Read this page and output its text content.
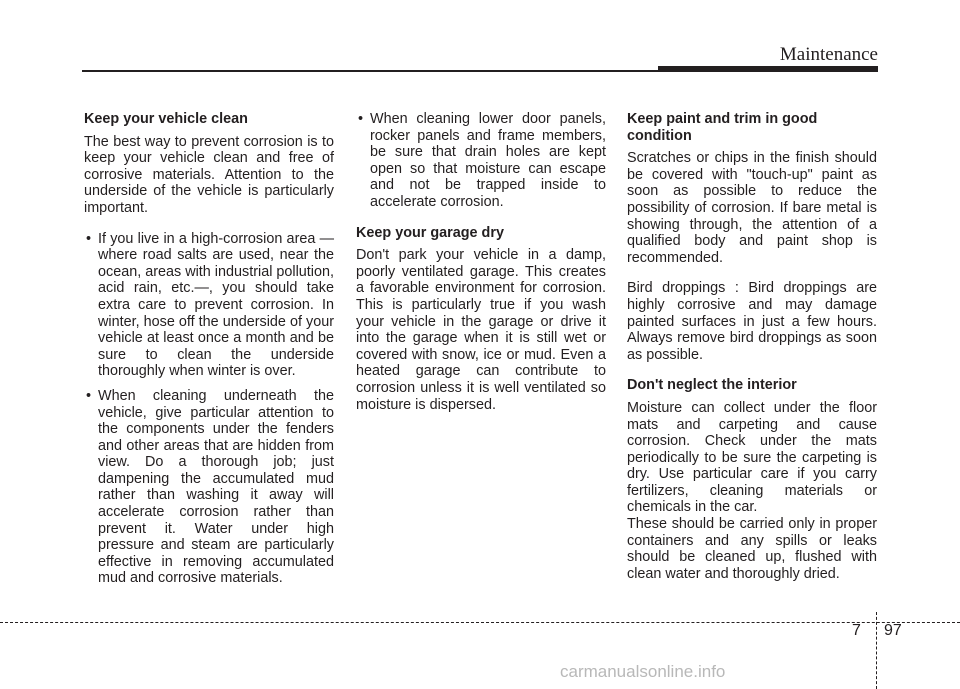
Maintenance
Keep your vehicle clean

The best way to prevent corrosion is to keep your vehicle clean and free of corrosive materials. Attention to the underside of the vehicle is particularly important.

• If you live in a high-corrosion area — where road salts are used, near the ocean, areas with industrial pollution, acid rain, etc.—, you should take extra care to prevent corrosion. In winter, hose off the underside of your vehicle at least once a month and be sure to clean the underside thoroughly when winter is over.
• When cleaning underneath the vehicle, give particular attention to the components under the fenders and other areas that are hidden from view. Do a thorough job; just dampening the accumulated mud rather than washing it away will accelerate corrosion rather than prevent it. Water under high pressure and steam are particularly effective in removing accumulated mud and corrosive materials.
• When cleaning lower door panels, rocker panels and frame members, be sure that drain holes are kept open so that moisture can escape and not be trapped inside to accelerate corrosion.
Keep your garage dry

Don't park your vehicle in a damp, poorly ventilated garage. This creates a favorable environment for corrosion. This is particularly true if you wash your vehicle in the garage or drive it into the garage when it is still wet or covered with snow, ice or mud. Even a heated garage can contribute to corrosion unless it is well ventilated so moisture is dispersed.

Keep paint and trim in good condition

Scratches or chips in the finish should be covered with "touch-up" paint as soon as possible to reduce the possibility of corrosion. If bare metal is showing through, the attention of a qualified body and paint shop is recommended.

Bird droppings : Bird droppings are highly corrosive and may damage painted surfaces in just a few hours. Always remove bird droppings as soon as possible.

Don't neglect the interior

Moisture can collect under the floor mats and carpeting and cause corrosion. Check under the mats periodically to be sure the carpeting is dry. Use particular care if you carry fertilizers, cleaning materials or chemicals in the car.

These should be carried only in proper containers and any spills or leaks should be cleaned up, flushed with clean water and thoroughly dried.

7 97
carmanualsonline.info
